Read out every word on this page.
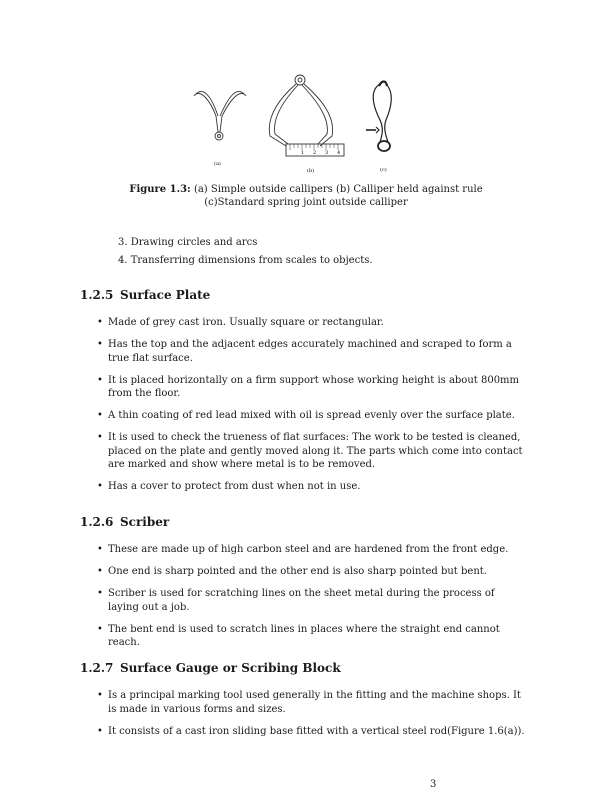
(a)
1 2 3 4
(b)	(c)
Figure 1.3: (a) Simple outside callipers (b) Calliper held against rule (c)Standard spring joint outside calliper
3. Drawing circles and arcs
4. Transferring dimensions from scales to objects.
1.2.5 Surface Plate
• Made of grey cast iron. Usually square or rectangular.
• Has the top and the adjacent edges accurately machined and scraped to form a true flat surface.
• It is placed horizontally on a firm support whose working height is about 800mm from the floor.
• A thin coating of red lead mixed with oil is spread evenly over the surface plate.
• It is used to check the trueness of flat surfaces: The work to be tested is cleaned, placed on the plate and gently moved along it. The parts which come into contact are marked and show where metal is to be removed.
• Has a cover to protect from dust when not in use.
1.2.6 Scriber
• These are made up of high carbon steel and are hardened from the front edge.
• One end is sharp pointed and the other end is also sharp pointed but bent.
• Scriber is used for scratching lines on the sheet metal during the process of laying out a job.
• The bent end is used to scratch lines in places where the straight end cannot reach.
1.2.7 Surface Gauge or Scribing Block
• Is a principal marking tool used generally in the fitting and the machine shops. It is made in various forms and sizes.
• It consists of a cast iron sliding base fitted with a vertical steel rod(Figure 1.6(a)).
3
